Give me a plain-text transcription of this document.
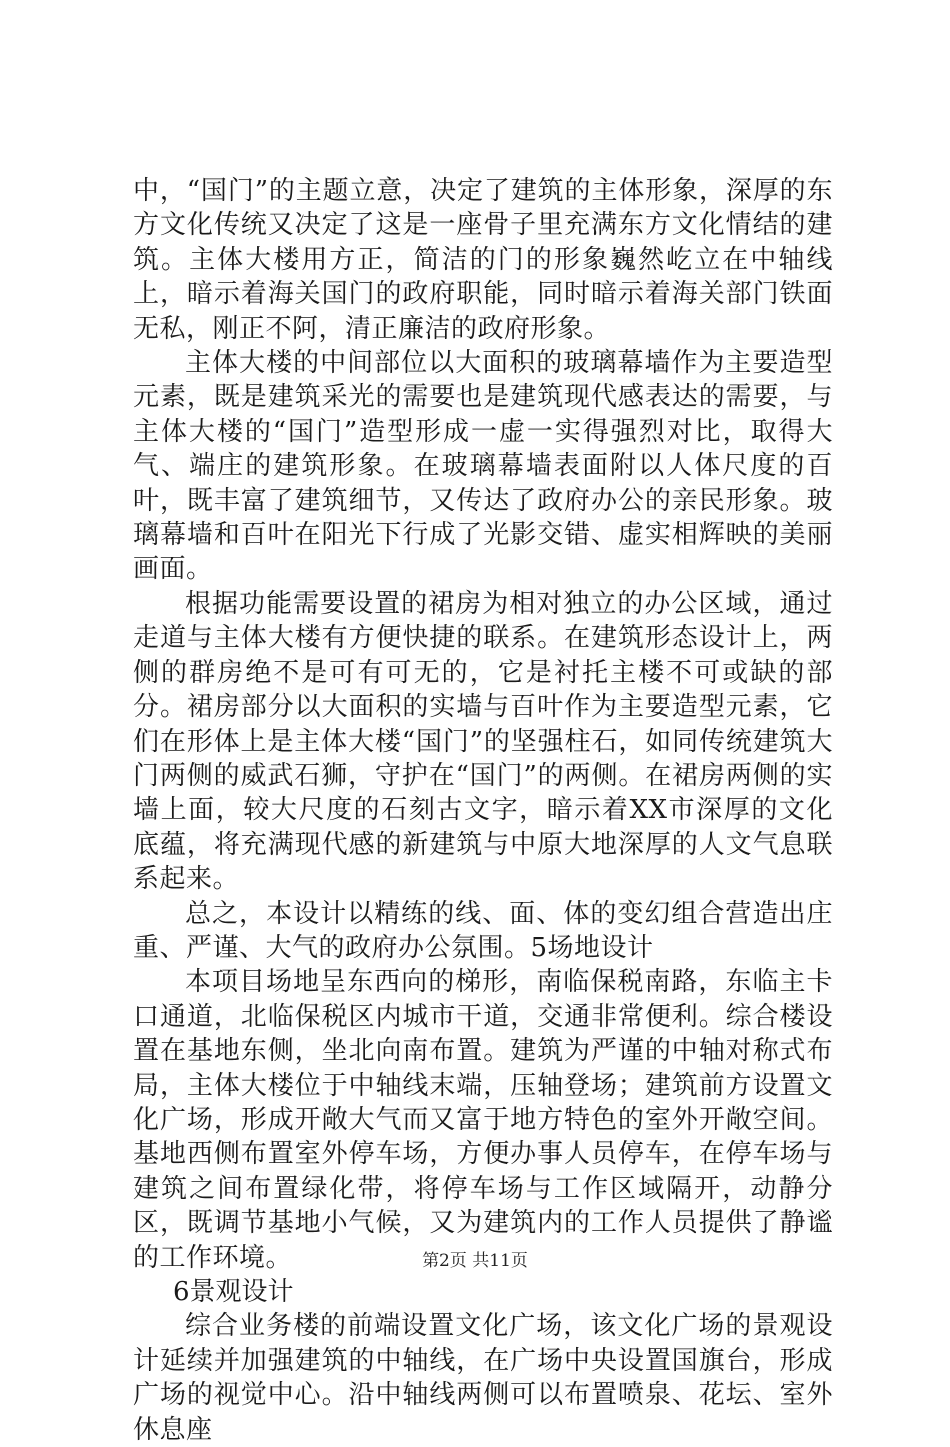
中，“国门”的主题立意，决定了建筑的主体形象，深厚的东方文化传统又决定了这是一座骨子里充满东方文化情结的建筑。主体大楼用方正，简洁的门的形象巍然屹立在中轴线上，暗示着海关国门的政府职能，同时暗示着海关部门铁面无私，刚正不阿，清正廉洁的政府形象。

主体大楼的中间部位以大面积的玻璃幕墙作为主要造型元素，既是建筑采光的需要也是建筑现代感表达的需要，与主体大楼的“国门”造型形成一虚一实得强烈对比，取得大气、端庄的建筑形象。在玻璃幕墙表面附以人体尺度的百叶，既丰富了建筑细节，又传达了政府办公的亲民形象。玻璃幕墙和百叶在阳光下行成了光影交错、虚实相辉映的美丽画面。

根据功能需要设置的裙房为相对独立的办公区域，通过走道与主体大楼有方便快捷的联系。在建筑形态设计上，两侧的群房绝不是可有可无的，它是衬托主楼不可或缺的部分。裙房部分以大面积的实墙与百叶作为主要造型元素，它们在形体上是主体大楼“国门”的坚强柱石，如同传统建筑大门两侧的威武石狮，守护在“国门”的两侧。在裙房两侧的实墙上面，较大尺度的石刻古文字，暗示着XX市深厚的文化底蕴，将充满现代感的新建筑与中原大地深厚的人文气息联系起来。

总之，本设计以精练的线、面、体的变幻组合营造出庄重、严谨、大气的政府办公氛围。5场地设计

本项目场地呈东西向的梯形，南临保税南路，东临主卡口通道，北临保税区内城市干道，交通非常便利。综合楼设置在基地东侧，坐北向南布置。建筑为严谨的中轴对称式布局，主体大楼位于中轴线末端，压轴登场；建筑前方设置文化广场，形成开敞大气而又富于地方特色的室外开敞空间。基地西侧布置室外停车场，方便办事人员停车，在停车场与建筑之间布置绿化带，将停车场与工作区域隔开，动静分区，既调节基地小气候，又为建筑内的工作人员提供了静谧的工作环境。

6景观设计

综合业务楼的前端设置文化广场，该文化广场的景观设计延续并加强建筑的中轴线，在广场中央设置国旗台，形成广场的视觉中心。沿中轴线两侧可以布置喷泉、花坛、室外休息座

第2页 共11页
